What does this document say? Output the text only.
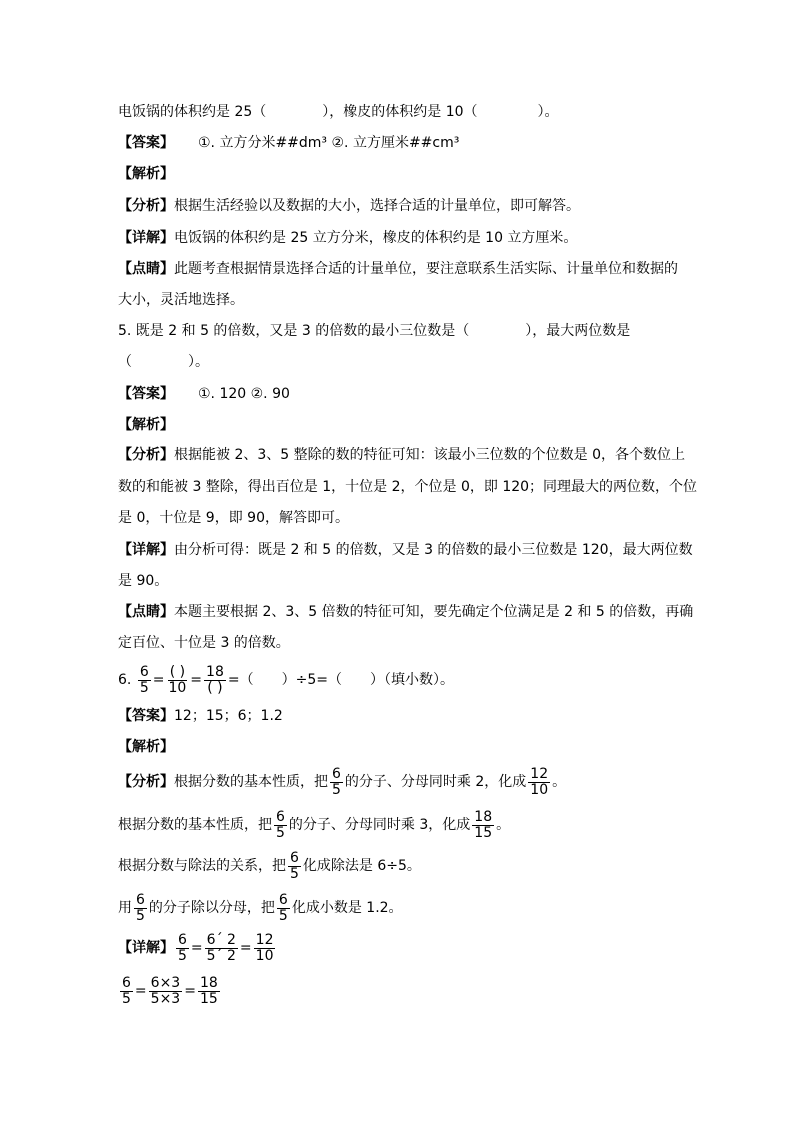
电饭锅的体积约是 25（	），橡皮的体积约是 10（	）。
【答案】 ①. 立方分米##dm³ ②. 立方厘米##cm³
【解析】
【分析】根据生活经验以及数据的大小，选择合适的计量单位，即可解答。
【详解】电饭锅的体积约是 25 立方分米，橡皮的体积约是 10 立方厘米。
【点睛】此题考查根据情景选择合适的计量单位，要注意联系生活实际、计量单位和数据的
大小，灵活地选择。
5. 既是 2 和 5 的倍数，又是 3 的倍数的最小三位数是（	），最大两位数是
（　　　　）。
【答案】 ①. 120 ②. 90
【解析】
【分析】根据能被 2、3、5 整除的数的特征可知：该最小三位数的个位数是 0，各个数位上
数的和能被 3 整除，得出百位是 1，十位是 2，个位是 0，即 120；同理最大的两位数，个位
是 0，十位是 9，即 90，解答即可。
【详解】由分析可得：既是 2 和 5 的倍数，又是 3 的倍数的最小三位数是 120，最大两位数
是 90。
【点睛】本题主要根据 2、3、5 倍数的特征可知，要先确定个位满足是 2 和 5 的倍数，再确
定百位、十位是 3 的倍数。
6. $\frac{6}{5} = \frac{( )}{10} = \frac{18}{( )}$ =（　　）÷5=（　　）（填小数）。
【答案】12；15；6；1.2
【解析】
【分析】根据分数的基本性质，把 $\frac{6}{5}$ 的分子、分母同时乘 2，化成 $\frac{12}{10}$ 。
根据分数的基本性质，把 $\frac{6}{5}$ 的分子、分母同时乘 3，化成 $\frac{18}{15}$ 。
根据分数与除法的关系，把 $\frac{6}{5}$ 化成除法是 6÷5。
用 $\frac{6}{5}$ 的分子除以分母，把 $\frac{6}{5}$ 化成小数是 1.2。
【详解】 $\frac{6}{5} = \frac{6´ 2}{5´ 2} = \frac{12}{10}$
$\frac{6}{5} = \frac{6\times 3}{5\times 3} = \frac{18}{15}$
